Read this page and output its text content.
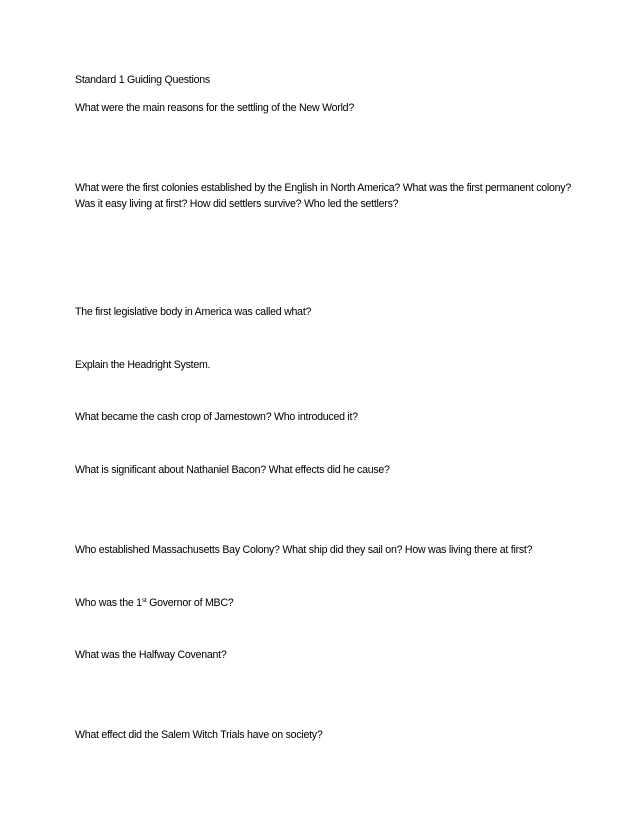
Standard 1 Guiding Questions
What were the main reasons for the settling of the New World?
What were the first colonies established by the English in North America? What was the first permanent colony? Was it easy living at first? How did settlers survive? Who led the settlers?
The first legislative body in America was called what?
Explain the Headright System.
What became the cash crop of Jamestown? Who introduced it?
What is significant about Nathaniel Bacon? What effects did he cause?
Who established Massachusetts Bay Colony? What ship did they sail on? How was living there at first?
Who was the 1st Governor of MBC?
What was the Halfway Covenant?
What effect did the Salem Witch Trials have on society?
